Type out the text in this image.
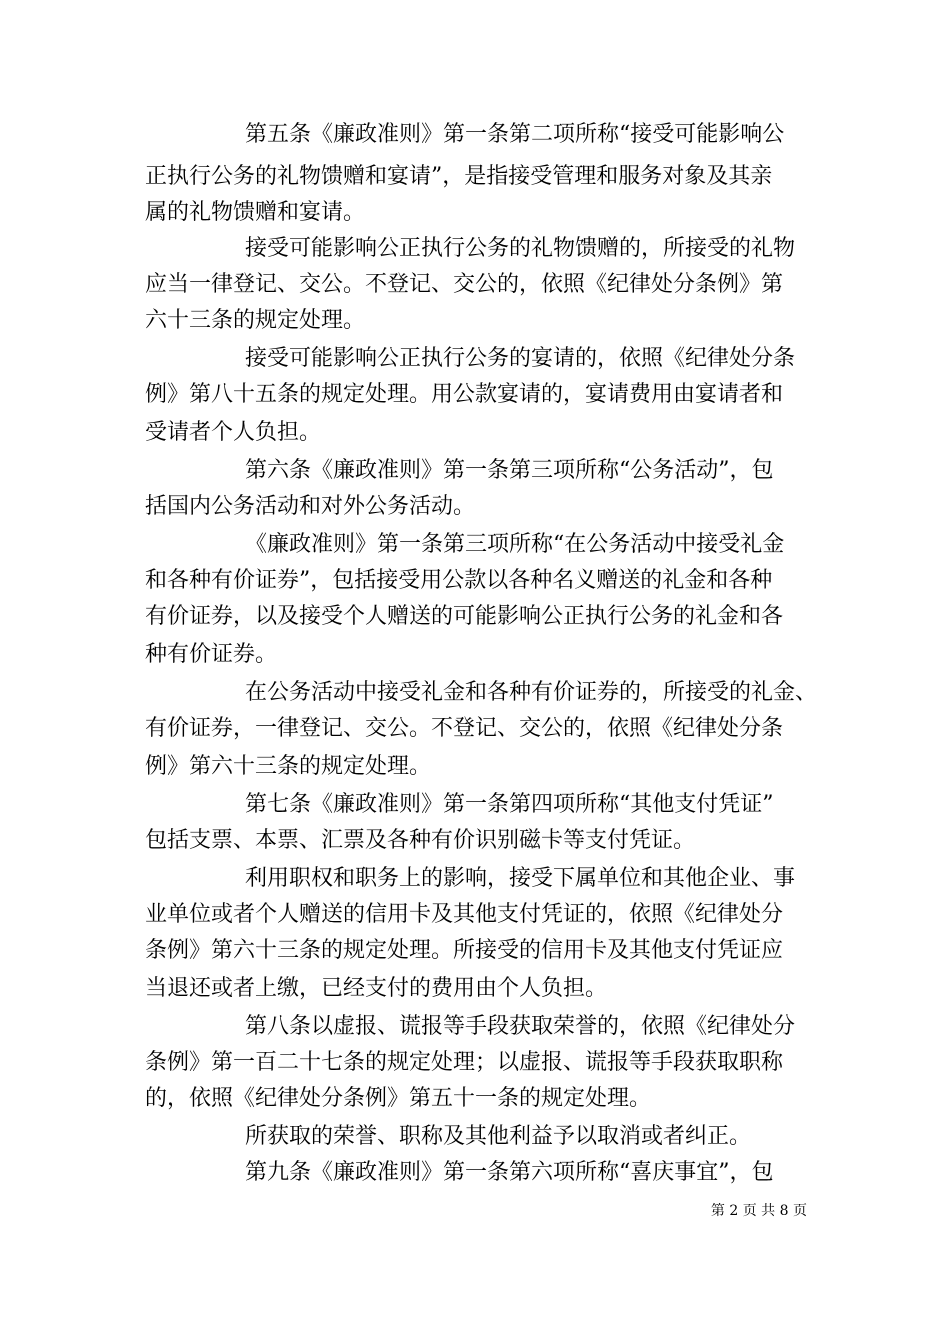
第五条《廉政准则》第一条第二项所称“接受可能影响公
正执行公务的礼物馈赠和宴请”，是指接受管理和服务对象及其亲
属的礼物馈赠和宴请。
接受可能影响公正执行公务的礼物馈赠的，所接受的礼物
应当一律登记、交公。不登记、交公的，依照《纪律处分条例》第
六十三条的规定处理。
接受可能影响公正执行公务的宴请的，依照《纪律处分条
例》第八十五条的规定处理。用公款宴请的，宴请费用由宴请者和
受请者个人负担。
第六条《廉政准则》第一条第三项所称“公务活动”，包
括国内公务活动和对外公务活动。
《廉政准则》第一条第三项所称“在公务活动中接受礼金
和各种有价证券”，包括接受用公款以各种名义赠送的礼金和各种
有价证券，以及接受个人赠送的可能影响公正执行公务的礼金和各
种有价证券。
在公务活动中接受礼金和各种有价证券的，所接受的礼金、
有价证券，一律登记、交公。不登记、交公的，依照《纪律处分条
例》第六十三条的规定处理。
第七条《廉政准则》第一条第四项所称“其他支付凭证”
包括支票、本票、汇票及各种有价识别磁卡等支付凭证。
利用职权和职务上的影响，接受下属单位和其他企业、事
业单位或者个人赠送的信用卡及其他支付凭证的，依照《纪律处分
条例》第六十三条的规定处理。所接受的信用卡及其他支付凭证应
当退还或者上缴，已经支付的费用由个人负担。
第八条以虚报、谎报等手段获取荣誉的，依照《纪律处分
条例》第一百二十七条的规定处理；以虚报、谎报等手段获取职称
的，依照《纪律处分条例》第五十一条的规定处理。
所获取的荣誉、职称及其他利益予以取消或者纠正。
第九条《廉政准则》第一条第六项所称“喜庆事宜”，包
第 2 页 共 8 页
